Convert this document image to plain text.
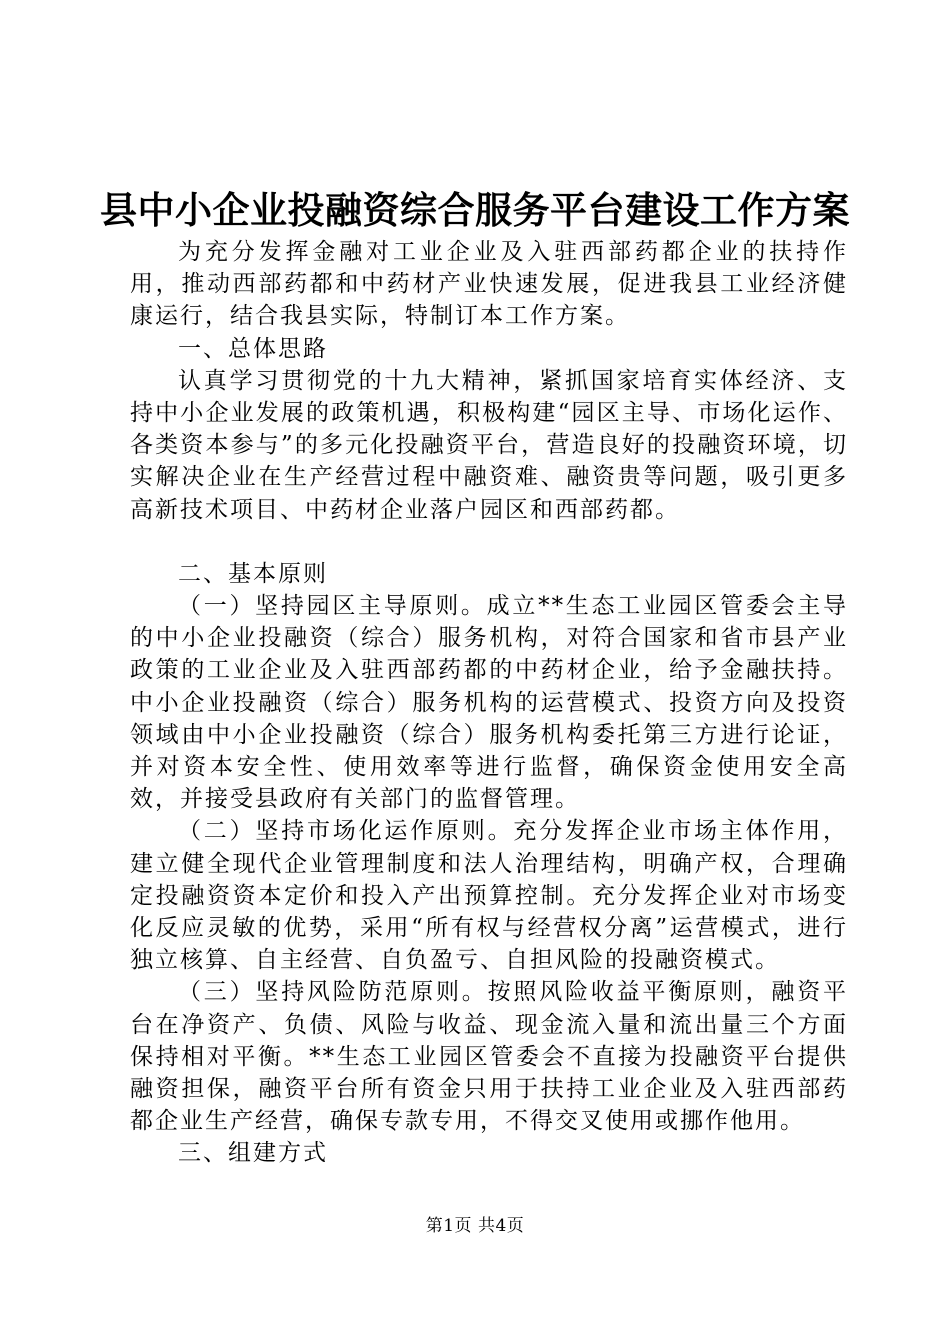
县中小企业投融资综合服务平台建设工作方案

为充分发挥金融对工业企业及入驻西部药都企业的扶持作用，推动西部药都和中药材产业快速发展，促进我县工业经济健康运行，结合我县实际，特制订本工作方案。

一、总体思路

认真学习贯彻党的十九大精神，紧抓国家培育实体经济、支持中小企业发展的政策机遇，积极构建“园区主导、市场化运作、各类资本参与”的多元化投融资平台，营造良好的投融资环境，切实解决企业在生产经营过程中融资难、融资贵等问题，吸引更多高新技术项目、中药材企业落户园区和西部药都。

二、基本原则

（一）坚持园区主导原则。成立**生态工业园区管委会主导的中小企业投融资（综合）服务机构，对符合国家和省市县产业政策的工业企业及入驻西部药都的中药材企业，给予金融扶持。中小企业投融资（综合）服务机构的运营模式、投资方向及投资领域由中小企业投融资（综合）服务机构委托第三方进行论证，并对资本安全性、使用效率等进行监督，确保资金使用安全高效，并接受县政府有关部门的监督管理。

（二）坚持市场化运作原则。充分发挥企业市场主体作用，建立健全现代企业管理制度和法人治理结构，明确产权，合理确定投融资资本定价和投入产出预算控制。充分发挥企业对市场变化反应灵敏的优势，采用“所有权与经营权分离”运营模式，进行独立核算、自主经营、自负盈亏、自担风险的投融资模式。

（三）坚持风险防范原则。按照风险收益平衡原则，融资平台在净资产、负债、风险与收益、现金流入量和流出量三个方面保持相对平衡。**生态工业园区管委会不直接为投融资平台提供融资担保，融资平台所有资金只用于扶持工业企业及入驻西部药都企业生产经营，确保专款专用，不得交叉使用或挪作他用。

三、组建方式

第1页 共4页
